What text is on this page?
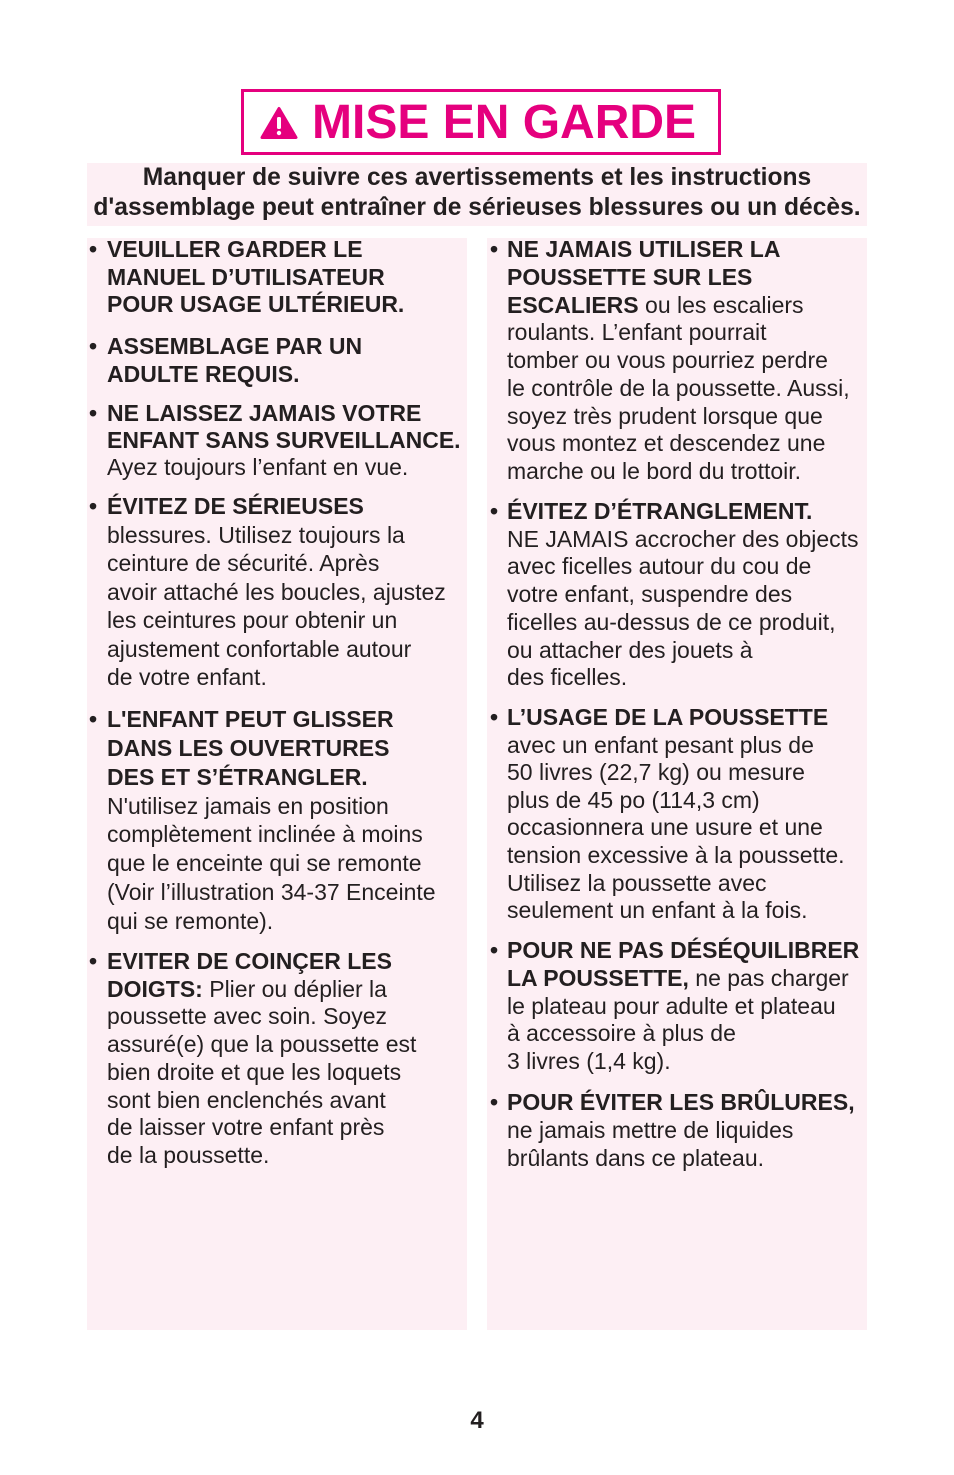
MISE EN GARDE
Manquer de suivre ces avertissements et les instructions
d'assemblage peut entraîner de sérieuses blessures ou un décès.
• VEUILLER GARDER LE
MANUEL D’UTILISATEUR
POUR USAGE ULTÉRIEUR.
• ASSEMBLAGE PAR UN
ADULTE REQUIS.
• NE LAISSEZ JAMAIS VOTRE
ENFANT SANS SURVEILLANCE.
Ayez toujours l’enfant en vue.
• ÉVITEZ DE SÉRIEUSES
blessures. Utilisez toujours la
ceinture de sécurité. Après
avoir attaché les boucles, ajustez
les ceintures pour obtenir un
ajustement confortable autour
de votre enfant.
• L'ENFANT PEUT GLISSER
DANS LES OUVERTURES
DES ET S’ÉTRANGLER.
N'utilisez jamais en position
complètement inclinée à moins
que le enceinte qui se remonte
(Voir l’illustration 34-37 Enceinte
qui se remonte).
• EVITER DE COINÇER LES
DOIGTS: Plier ou déplier la
poussette avec soin. Soyez
assuré(e) que la poussette est
bien droite et que les loquets
sont bien enclenchés avant
de laisser votre enfant près
de la poussette.
• NE JAMAIS UTILISER LA
POUSSETTE SUR LES
ESCALIERS ou les escaliers
roulants. L’enfant pourrait
tomber ou vous pourriez perdre
le contrôle de la poussette. Aussi,
soyez très prudent lorsque que
vous montez et descendez une
marche ou le bord du trottoir.
• ÉVITEZ D’ÉTRANGLEMENT.
NE JAMAIS accrocher des objects
avec ficelles autour du cou de
votre enfant, suspendre des
ficelles au-dessus de ce produit,
ou attacher des jouets à
des ficelles.
• L’USAGE DE LA POUSSETTE
avec un enfant pesant plus de
50 livres (22,7 kg) ou mesure
plus de 45 po (114,3 cm)
occasionnera une usure et une
tension excessive à la poussette.
Utilisez la poussette avec
seulement un enfant à la fois.
• POUR NE PAS DÉSÉQUILIBRER
LA POUSSETTE, ne pas charger
le plateau pour adulte et plateau
à accessoire à plus de
3 livres (1,4 kg).
• POUR ÉVITER LES BRÛLURES,
ne jamais mettre de liquides
brûlants dans ce plateau.
4
